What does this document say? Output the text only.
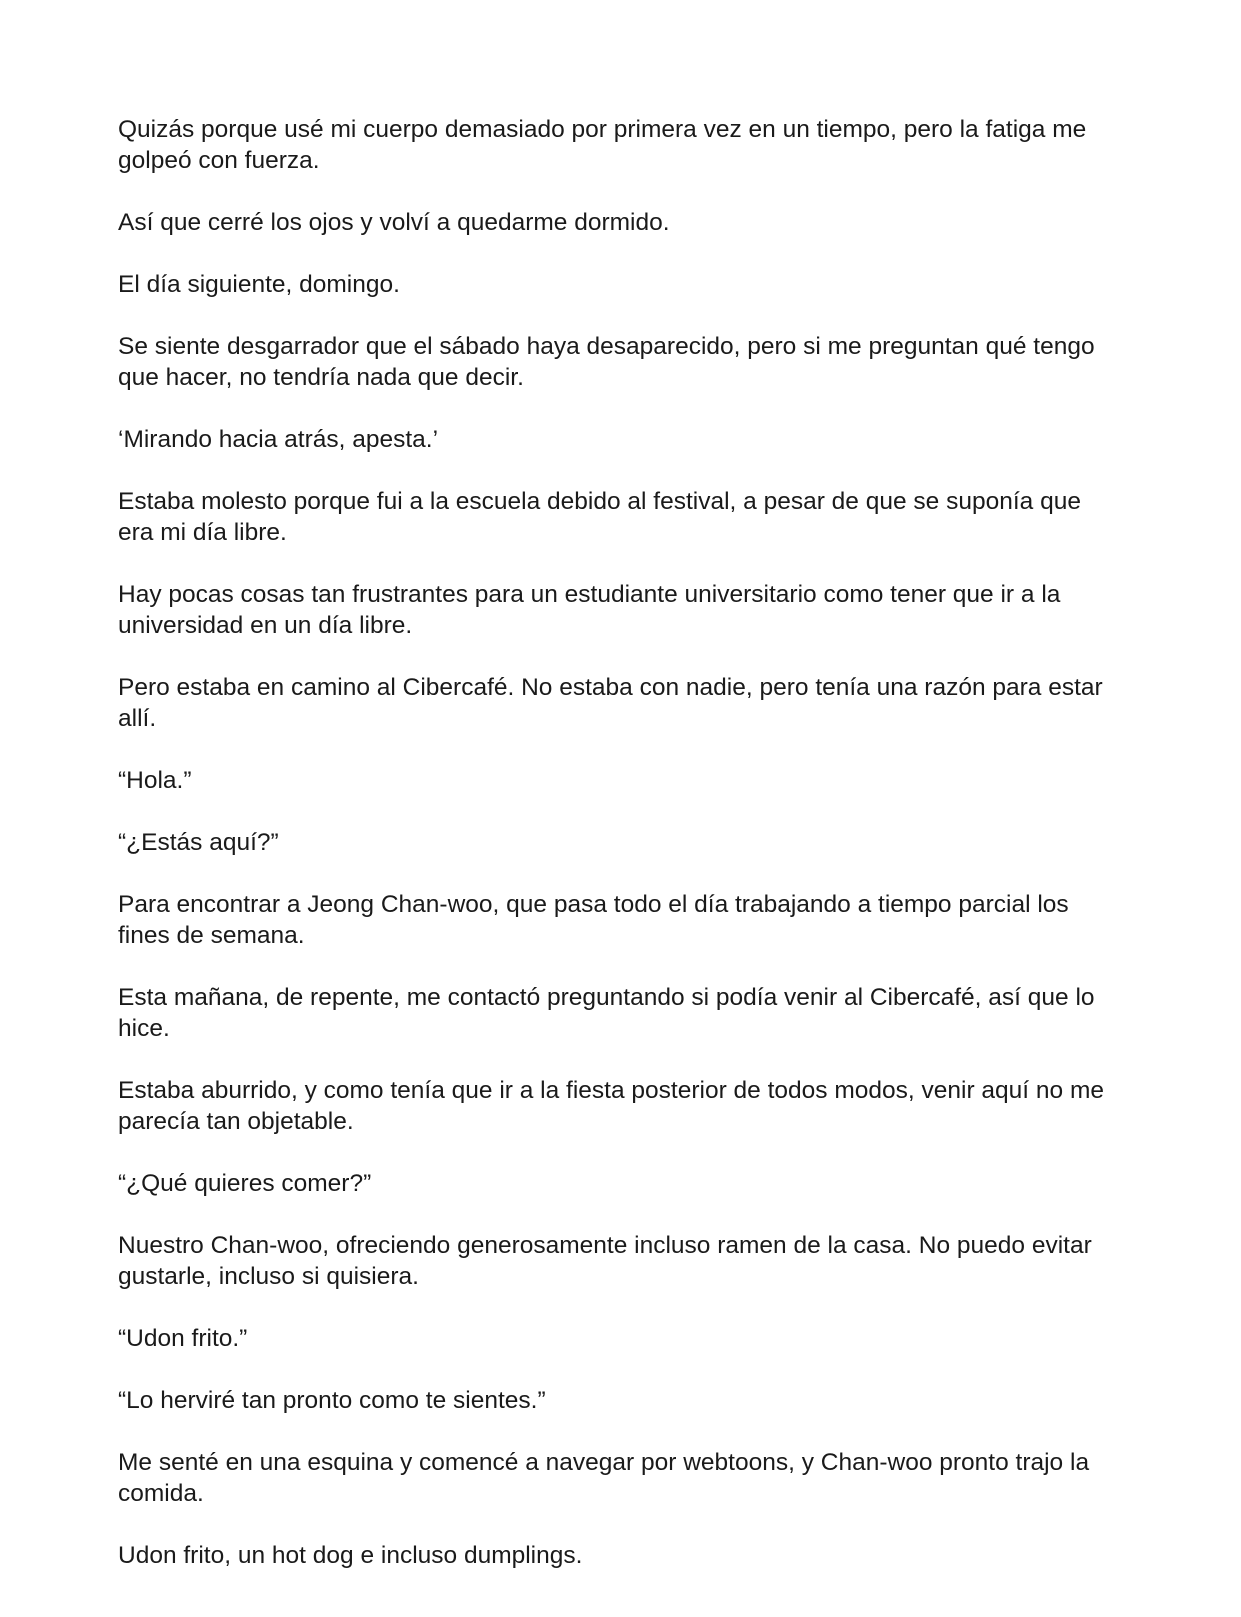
Quizás porque usé mi cuerpo demasiado por primera vez en un tiempo, pero la fatiga me golpeó con fuerza.

Así que cerré los ojos y volví a quedarme dormido.

El día siguiente, domingo.

Se siente desgarrador que el sábado haya desaparecido, pero si me preguntan qué tengo que hacer, no tendría nada que decir.

‘Mirando hacia atrás, apesta.’

Estaba molesto porque fui a la escuela debido al festival, a pesar de que se suponía que era mi día libre.

Hay pocas cosas tan frustrantes para un estudiante universitario como tener que ir a la universidad en un día libre.

Pero estaba en camino al Cibercafé. No estaba con nadie, pero tenía una razón para estar allí.

“Hola.”

“¿Estás aquí?”

Para encontrar a Jeong Chan-woo, que pasa todo el día trabajando a tiempo parcial los fines de semana.

Esta mañana, de repente, me contactó preguntando si podía venir al Cibercafé, así que lo hice.

Estaba aburrido, y como tenía que ir a la fiesta posterior de todos modos, venir aquí no me parecía tan objetable.

“¿Qué quieres comer?”

Nuestro Chan-woo, ofreciendo generosamente incluso ramen de la casa. No puedo evitar gustarle, incluso si quisiera.

“Udon frito.”

“Lo herviré tan pronto como te sientes.”

Me senté en una esquina y comencé a navegar por webtoons, y Chan-woo pronto trajo la comida.

Udon frito, un hot dog e incluso dumplings.
